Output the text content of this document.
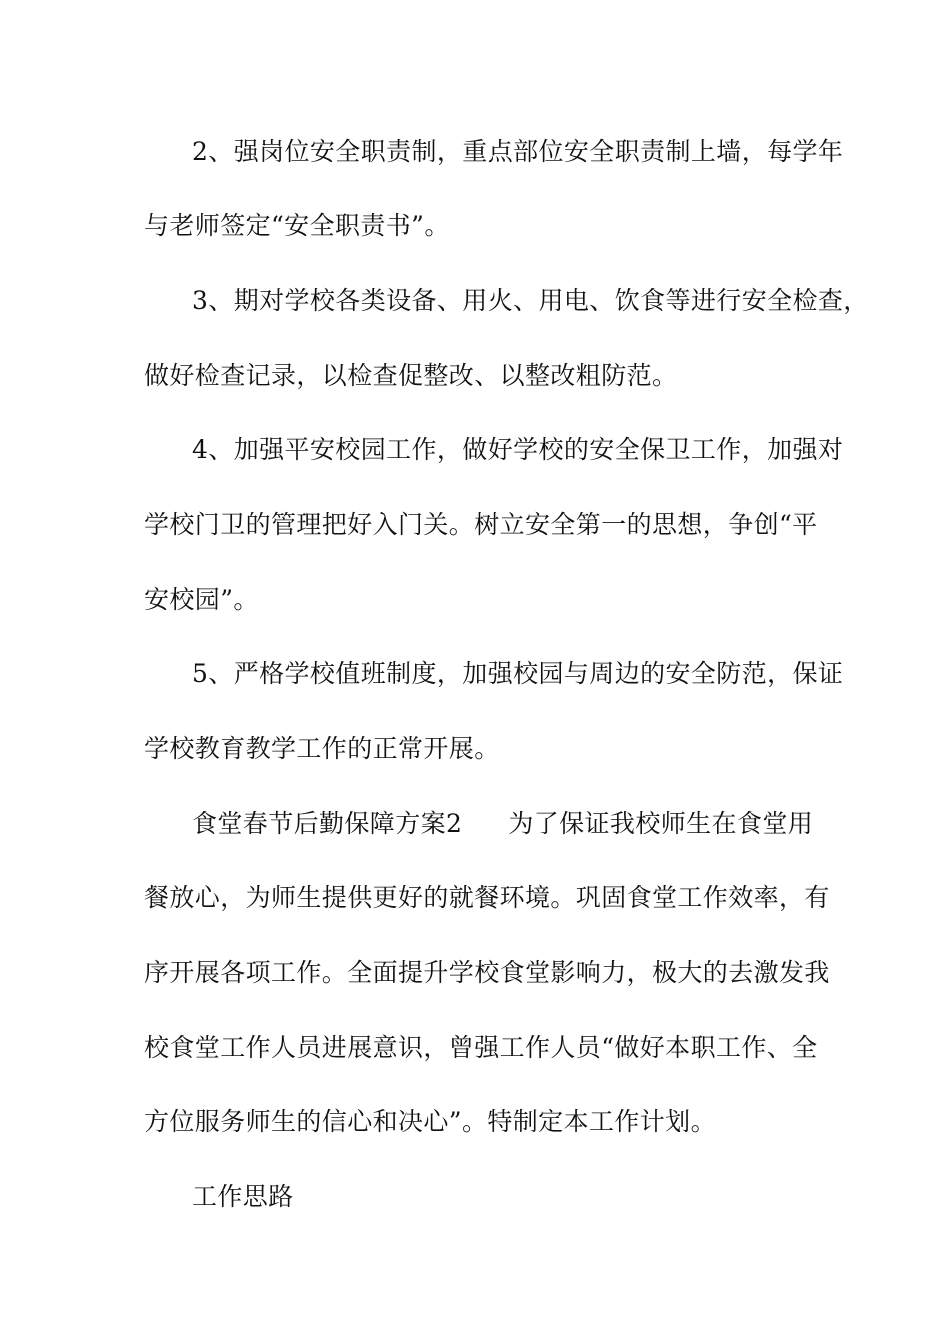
2、强岗位安全职责制，重点部位安全职责制上墙，每学年
与老师签定“安全职责书”。
3、期对学校各类设备、用火、用电、饮食等进行安全检查，
做好检查记录，以检查促整改、以整改粗防范。
4、加强平安校园工作，做好学校的安全保卫工作，加强对
学校门卫的管理把好入门关。树立安全第一的思想，争创“平
安校园”。
5、严格学校值班制度，加强校园与周边的安全防范，保证
学校教育教学工作的正常开展。
食堂春节后勤保障方案2 为了保证我校师生在食堂用
餐放心，为师生提供更好的就餐环境。巩固食堂工作效率，有
序开展各项工作。全面提升学校食堂影响力，极大的去激发我
校食堂工作人员进展意识，曾强工作人员“做好本职工作、全
方位服务师生的信心和决心”。特制定本工作计划。
工作思路
